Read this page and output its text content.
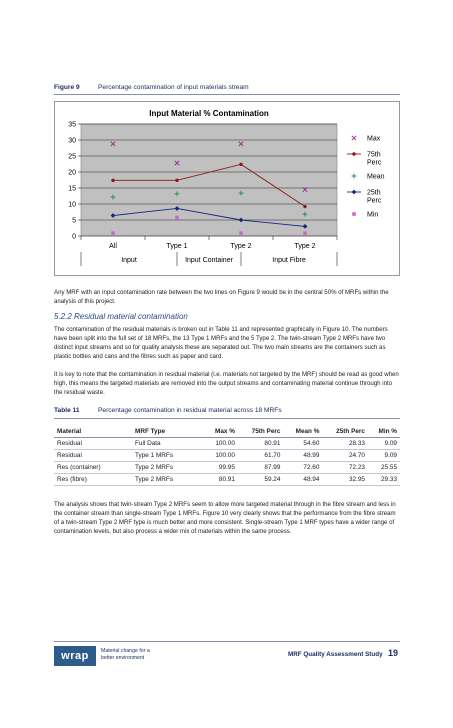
Figure 9	Percentage contamination of input materials stream
Input Material % Contamination
0
5
10
15
20
25
30
35
All	Type 1	Type 2	Type 2
Input	Input Container	Input Fibre
Max
75th
Perc
Mean
25th
Perc
Min
Any MRF with an input contamination rate between the two lines on Figure 9 would be in the central 50% of MRFs within the analysis of this project.
5.2.2 Residual material contamination
The contamination of the residual materials is broken out in Table 11 and represented graphically in Figure 10. The numbers have been split into the full set of 18 MRFs, the 13 Type 1 MRFs and the 5 Type 2. The twin-stream Type 2 MRFs have two distinct input streams and so for quality analysis these are separated out. The two main streams are the containers such as plastic bottles and cans and the fibres such as paper and card.
It is key to note that the contamination in residual material (i.e. materials not targeted by the MRF) should be read as good when high, this means the targeted materials are removed into the output streams and contaminating material continue through into the residual waste.
Table 11	Percentage contamination in residual material across 18 MRFs
Material	MRF Type	Max %	75th Perc	Mean %	25th Perc	Min %
Residual	Full Data	100.00	80.91	54.60	28.33	9.09
Residual	Type 1 MRFs	100.00	61.70	48.99	24.70	9.09
Res (container)	Type 2 MRFs	99.95	87.99	72.60	72.23	25.55
Res (fibre)	Type 2 MRFs	80.91	59.24	48.94	32.95	29.33
The analysis shows that twin-stream Type 2 MRFs seem to allow more targeted material through in the fibre stream and less in the container stream than single-stream Type 1 MRFs. Figure 10 very clearly shows that the performance from the fibre stream of a twin-stream Type 2 MRF type is much better and more consistent. Single-stream Type 1 MRF types have a wider range of contamination levels, but also process a wider mix of materials within the same process.
wrap	Material change for a better environment	MRF Quality Assessment Study 19
